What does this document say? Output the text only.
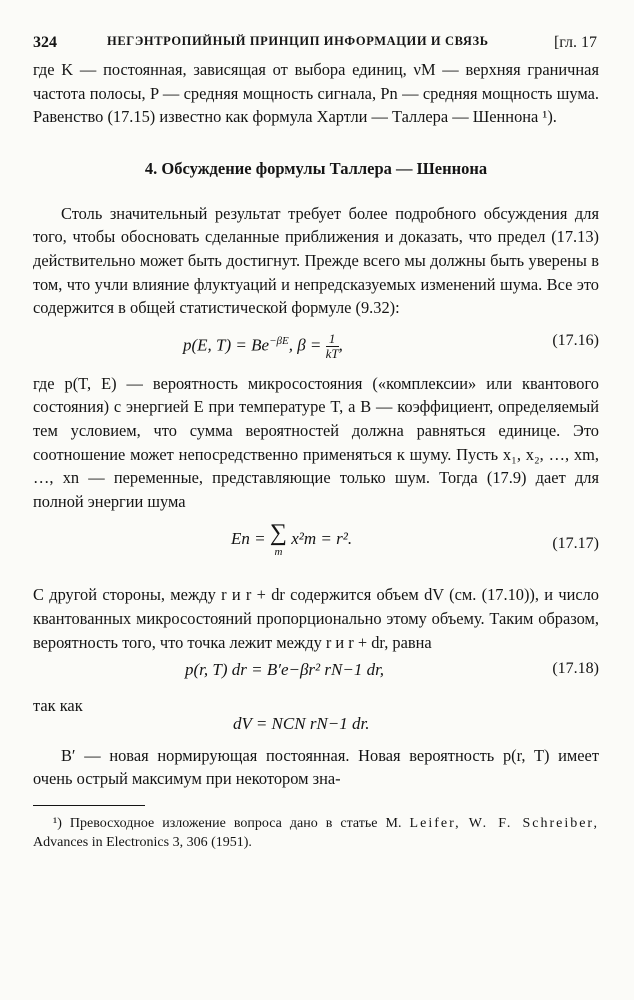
324	НЕГЭНТРОПИЙНЫЙ ПРИНЦИП ИНФОРМАЦИИ И СВЯЗЬ	[гл. 17

где K — постоянная, зависящая от выбора единиц, νM — верхняя граничная частота полосы, P — средняя мощность сигнала, Pn — средняя мощность шума. Равенство (17.15) известно как формула Хартли — Таллера — Шеннона ¹).

4. Обсуждение формулы Таллера — Шеннона

Столь значительный результат требует более подробного обсуждения для того, чтобы обосновать сделанные приближения и доказать, что предел (17.13) действительно может быть достигнут. Прежде всего мы должны быть уверены в том, что учли влияние флуктуаций и непредсказуемых изменений шума. Все это содержится в общей статистической формуле (9.32):

p(E, $T) = Be^{-\beta E}$, $\beta = \frac{1}{kT}$,	(17.16)

где p(T, E) — вероятность микросостояния («комплексии» или квантового состояния) с энергией E при температуре T, а B — коэффициент, определяемый тем условием, что сумма вероятностей должна равняться единице. Это соотношение может непосредственно применяться к шуму. Пусть x₁, x₂, …, xm, …, xn — переменные, представляющие только шум. Тогда (17.9) дает для полной энергии шума

En = ∑
m
x²m = r².	(17.17)

С другой стороны, между r и r + dr содержится объем dV (см. (17.10)), и число квантованных микросостояний пропорционально этому объему. Таким образом, вероятность того, что точка лежит между r и r + dr, равна

p(r, T) dr = B′e−βr² rN−1 dr,	(17.18)

так как

dV = NCN rN−1 dr.

B′ — новая нормирующая постоянная. Новая вероятность p(r, T) имеет очень острый максимум при некотором зна-

¹) Превосходное изложение вопроса дано в статье М. Leifer, W. F. Schreiber, Advances in Electronics 3, 306 (1951).
